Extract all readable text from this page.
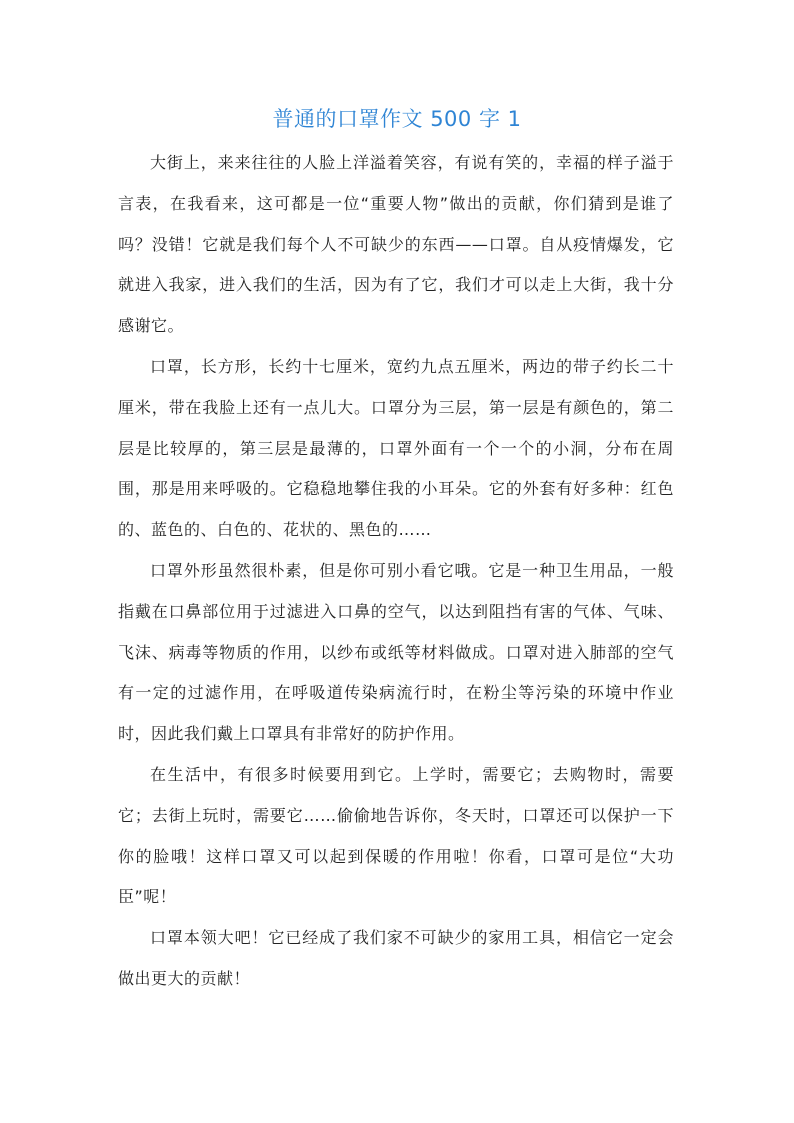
普通的口罩作文 500 字 1

大街上，来来往往的人脸上洋溢着笑容，有说有笑的，幸福的样子溢于言表，在我看来，这可都是一位“重要人物”做出的贡献，你们猜到是谁了吗？没错！它就是我们每个人不可缺少的东西——口罩。自从疫情爆发，它就进入我家，进入我们的生活，因为有了它，我们才可以走上大街，我十分感谢它。

口罩，长方形，长约十七厘米，宽约九点五厘米，两边的带子约长二十厘米，带在我脸上还有一点儿大。口罩分为三层，第一层是有颜色的，第二层是比较厚的，第三层是最薄的，口罩外面有一个一个的小洞，分布在周围，那是用来呼吸的。它稳稳地攀住我的小耳朵。它的外套有好多种：红色的、蓝色的、白色的、花状的、黑色的……

口罩外形虽然很朴素，但是你可别小看它哦。它是一种卫生用品，一般指戴在口鼻部位用于过滤进入口鼻的空气，以达到阻挡有害的气体、气味、飞沫、病毒等物质的作用，以纱布或纸等材料做成。口罩对进入肺部的空气有一定的过滤作用，在呼吸道传染病流行时，在粉尘等污染的环境中作业时，因此我们戴上口罩具有非常好的防护作用。

在生活中，有很多时候要用到它。上学时，需要它；去购物时，需要它；去街上玩时，需要它……偷偷地告诉你，冬天时，口罩还可以保护一下你的脸哦！这样口罩又可以起到保暖的作用啦！你看，口罩可是位“大功臣”呢！

口罩本领大吧！它已经成了我们家不可缺少的家用工具，相信它一定会做出更大的贡献！
